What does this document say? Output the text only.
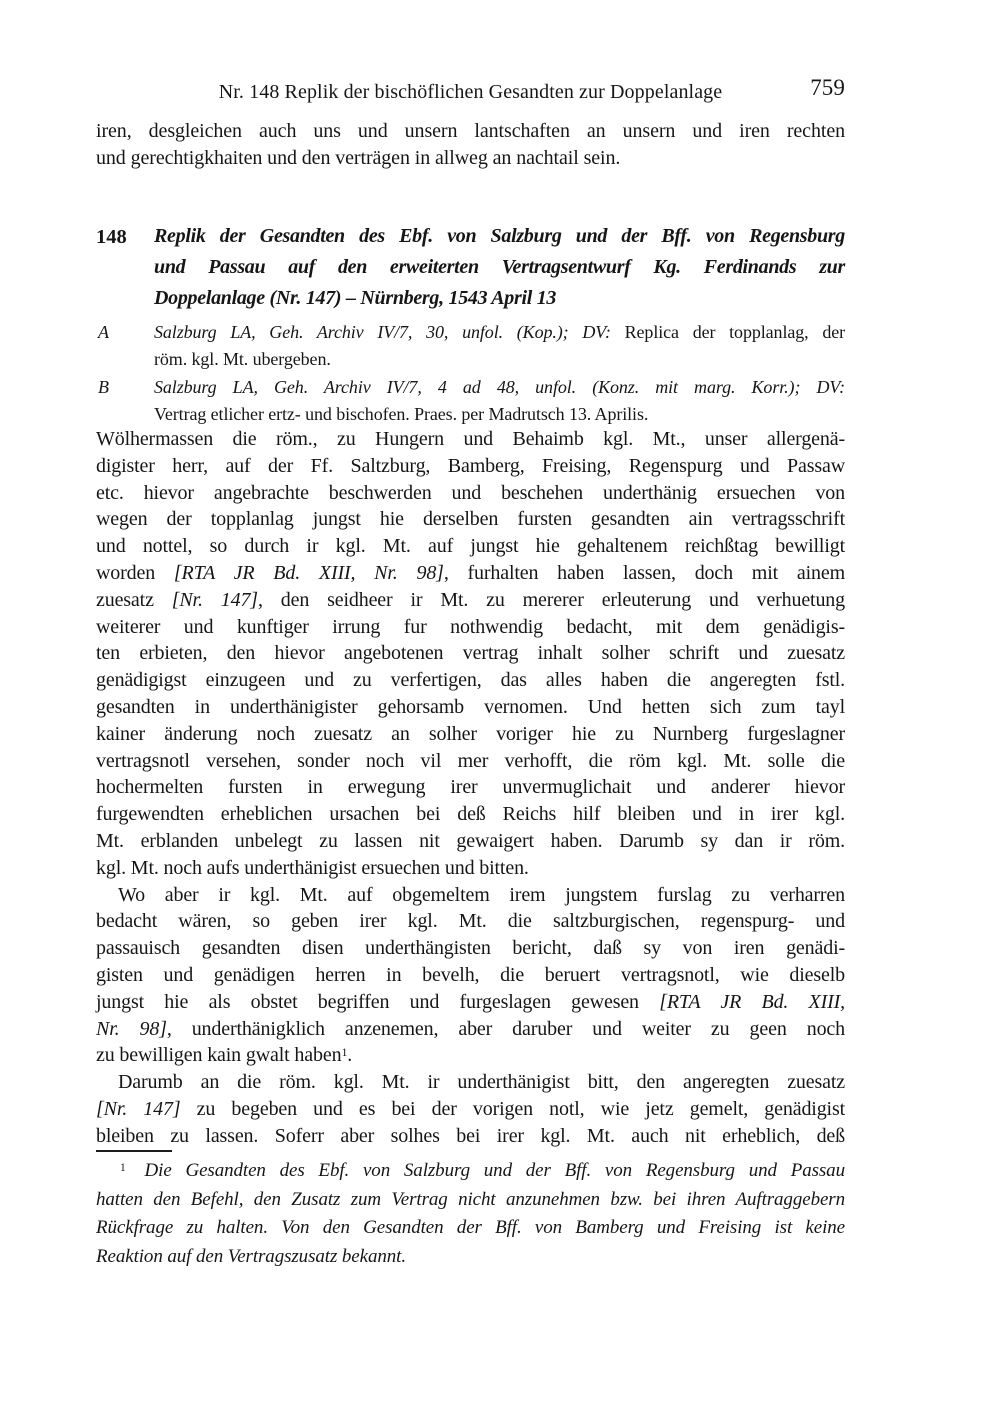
Nr. 148 Replik der bischöflichen Gesandten zur Doppelanlage	759
iren, desgleichen auch uns und unsern lantschaften an unsern und iren rechten
und gerechtigkhaiten und den verträgen in allweg an nachtail sein.
148 Replik der Gesandten des Ebf. von Salzburg und der Bff. von Regensburg
und Passau auf den erweiterten Vertragsentwurf Kg. Ferdinands zur
Doppelanlage (Nr. 147) – Nürnberg, 1543 April 13
A	Salzburg LA, Geh. Archiv IV/7, 30, unfol. (Kop.); DV: Replica der topplanlag, der
röm. kgl. Mt. ubergeben.
B	Salzburg LA, Geh. Archiv IV/7, 4 ad 48, unfol. (Konz. mit marg. Korr.); DV:
Vertrag etlicher ertz- und bischofen. Praes. per Madrutsch 13. Aprilis.
Wölhermassen die röm., zu Hungern und Behaimb kgl. Mt., unser allergenä-
digister herr, auf der Ff. Saltzburg, Bamberg, Freising, Regenspurg und Passaw
etc. hievor angebrachte beschwerden und beschehen underthänig ersuechen von
wegen der topplanlag jungst hie derselben fursten gesandten ain vertragsschrift
und nottel, so durch ir kgl. Mt. auf jungst hie gehaltenem reichßtag bewilligt
worden [RTA JR Bd. XIII, Nr. 98], furhalten haben lassen, doch mit ainem
zuesatz [Nr. 147], den seidheer ir Mt. zu mererer erleuterung und verhuetung
weiterer und kunftiger irrung fur nothwendig bedacht, mit dem genädigis-
ten erbieten, den hievor angebotenen vertrag inhalt solher schrift und zuesatz
genädigigst einzugeen und zu verfertigen, das alles haben die angeregten fstl.
gesandten in underthänigister gehorsamb vernomen. Und hetten sich zum tayl
kainer änderung noch zuesatz an solher voriger hie zu Nurnberg furgeslagner
vertragsnotl versehen, sonder noch vil mer verhofft, die röm kgl. Mt. solle die
hochermelten fursten in erwegung irer unvermuglichait und anderer hievor
furgewendten erheblichen ursachen bei deß Reichs hilf bleiben und in irer kgl.
Mt. erblanden unbelegt zu lassen nit gewaigert haben. Darumb sy dan ir röm.
kgl. Mt. noch aufs underthänigist ersuechen und bitten.
Wo aber ir kgl. Mt. auf obgemeltem irem jungstem furslag zu verharren
bedacht wären, so geben irer kgl. Mt. die saltzburgischen, regenspurg- und
passauisch gesandten disen underthängisten bericht, daß sy von iren genädi-
gisten und genädigen herren in bevelh, die beruert vertragsnotl, wie dieselb
jungst hie als obstet begriffen und furgeslagen gewesen [RTA JR Bd. XIII,
Nr. 98], underthänigklich anzenemen, aber daruber und weiter zu geen noch
zu bewilligen kain gwalt haben$^1$.
Darumb an die röm. kgl. Mt. ir underthänigist bitt, den angeregten zuesatz
[Nr. 147] zu begeben und es bei der vorigen notl, wie jetz gemelt, genädigist
bleiben zu lassen. Soferr aber solhes bei irer kgl. Mt. auch nit erheblich, deß
$^1$  Die Gesandten des Ebf. von Salzburg und der Bff. von Regensburg und Passau
hatten den Befehl, den Zusatz zum Vertrag nicht anzunehmen bzw. bei ihren Auftraggebern
Rückfrage zu halten. Von den Gesandten der Bff. von Bamberg und Freising ist keine
Reaktion auf den Vertragszusatz bekannt.
